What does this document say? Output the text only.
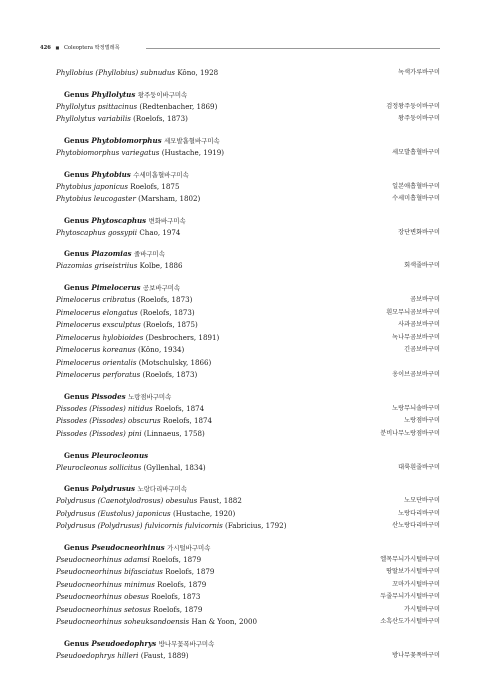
426 ■ Coleoptera 딱정벌레목
Phyllobius (Phyllobius) subnudus Kôno, 1928	녹색가루바구미
Genus Phyllolytus 왕주둥이바구미속
Phyllolytus psittacinus (Redtenbacher, 1869)	검정왕주둥이바구미
Phyllolytus variabilis (Roelofs, 1873)	왕주둥이바구미
Genus Phytobiomorphus 세모발흡혈바구미속
Phytobiomorphus variegatus (Hustache, 1919)	세모발흡혈바구미
Genus Phytobius 수세미흡혈바구미속
Phytobius japonicus Roelofs, 1875	일본애흡혈바구미
Phytobius leucogaster (Marsham, 1802)	수세미흡혈바구미
Genus Phytoscaphus 변화바구미속
Phytoscaphus gossypii Chao, 1974	장단변화바구미
Genus Piazomias 줄바구미속
Piazomias griseistriius Kolbe, 1886	회색줄바구미
Genus Pimelocerus 공보바구미속
Pimelocerus cribratus (Roelofs, 1873)	곰보바구미
Pimelocerus elongatus (Roelofs, 1873)	흰모무늬곰보바구미
Pimelocerus exsculptus (Roelofs, 1875)	사과곰보바구미
Pimelocerus hylobioides (Desbrochers, 1891)	녹나무곰보바구미
Pimelocerus koreanus (Kôno, 1934)	긴곰보바구미
Pimelocerus orientalis (Motschulsky, 1866)
Pimelocerus perforatus (Roelofs, 1873)	옹이브곰보바구미
Genus Pissodes 노랑점바구미속
Pissodes (Pissodes) nitidus Roelofs, 1874	노랑무늬솔바구미
Pissodes (Pissodes) obscurus Roelofs, 1874	노랑점바구미
Pissodes (Pissodes) pini (Linnaeus, 1758)	분비나무노랑점바구미
Genus Pleurocleonus
Pleurocleonus sollicitus (Gyllenhal, 1834)	대륙흰줄바구미
Genus Polydrusus 노랑다리바구미속
Polydrusus (Caenotylodrosus) obesulus Faust, 1882	노모단바구미
Polydrusus (Eustolus) japonicus (Hustache, 1920)	노랑다리바구미
Polydrusus (Polydrusus) fulvicornis fulvicornis (Fabricius, 1792)	산노랑다리바구미
Genus Pseudocneorhinus 가시털바구미속
Pseudocneorhinus adamsi Roelofs, 1879	엘목무늬가시털바구미
Pseudocneorhinus bifasciatus Roelofs, 1879	땅딸보가시털바구미
Pseudocneorhinus minimus Roelofs, 1879	꼬마가시털바구미
Pseudocneorhinus obesus Roelofs, 1873	두줄무늬가시털바구미
Pseudocneorhinus setosus Roelofs, 1879	가시털바구미
Pseudocneorhinus soheuksandoensis Han & Yoon, 2000	소흑산도가시털바구미
Genus Pseudoedophrys 방나무꽃폭바구미속
Pseudoedophrys hilleri (Faust, 1889)	방나무꽃폭바구미
